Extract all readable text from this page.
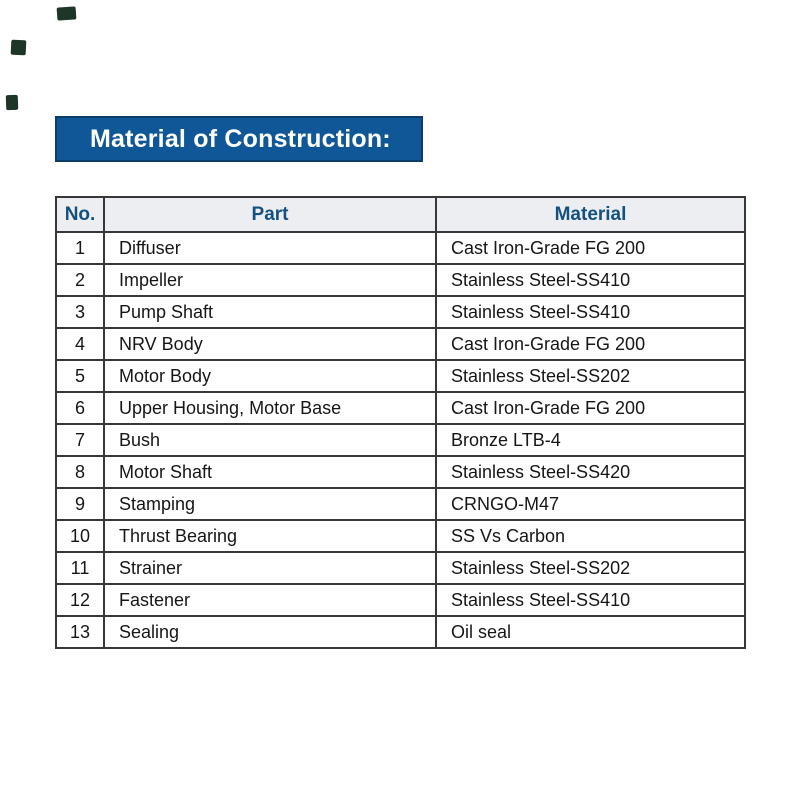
Material of Construction:
No.	Part	Material
1	Diffuser	Cast Iron-Grade FG 200
2	Impeller	Stainless Steel-SS410
3	Pump Shaft	Stainless Steel-SS410
4	NRV Body	Cast Iron-Grade FG 200
5	Motor Body	Stainless Steel-SS202
6	Upper Housing, Motor Base	Cast Iron-Grade FG 200
7	Bush	Bronze LTB-4
8	Motor Shaft	Stainless Steel-SS420
9	Stamping	CRNGO-M47
10	Thrust Bearing	SS Vs Carbon
11	Strainer	Stainless Steel-SS202
12	Fastener	Stainless Steel-SS410
13	Sealing	Oil seal
